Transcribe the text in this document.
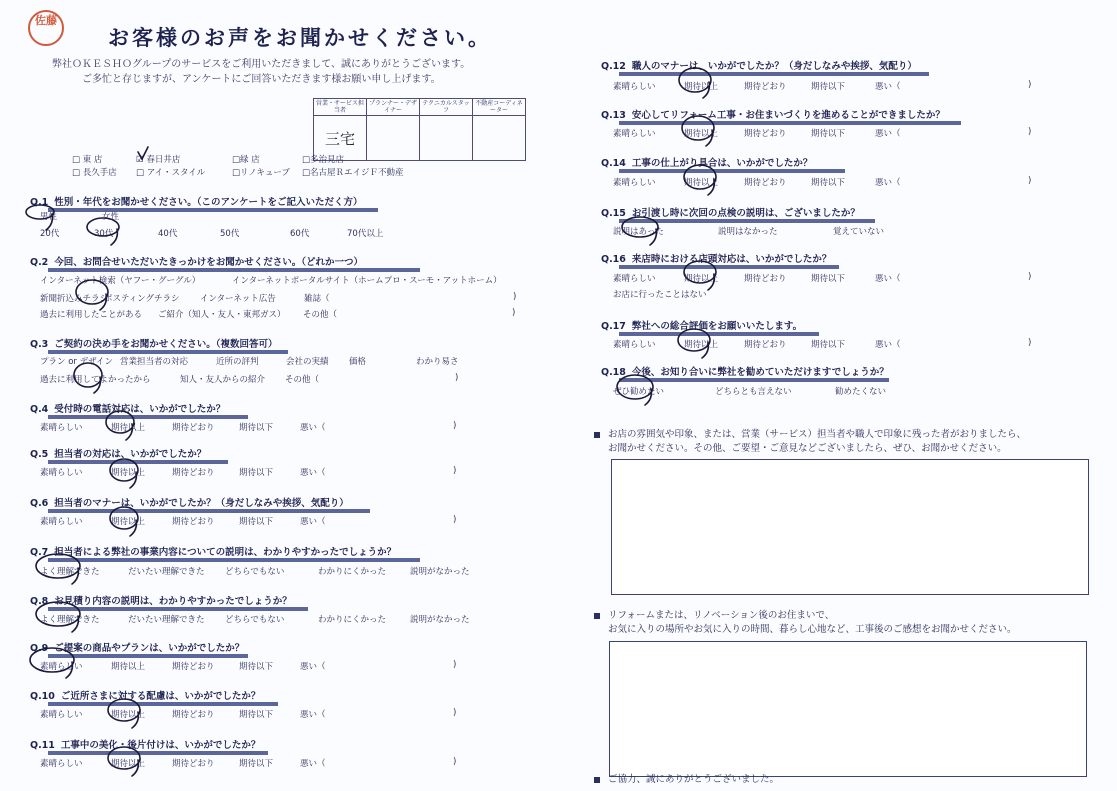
佐藤
お客様のお声をお聞かせください。
弊社ＯＫＥＳＨＯグループのサービスをご利用いただきまして、誠にありがとうございます。
ご多忙と存じますが、アンケートにご回答いただきます様お願い申し上げます。
営業・サービス担当者	プランナー・デザイナー	テクニカルスタッフ	不動産コーディネーター
三宅			
□ 東 店	☑ 春日井店	□緑 店	□多治見店
□ 長久手店 □ アイ・スタイル	□リノキューブ □名古屋ＲエイジＦ不動産
Q.1 性別・年代をお聞かせください。（このアンケートをご記入いただく方）
男性	女性
20代	30代	40代	50代	60代	70代以上
Q.2 今回、お問合せいただいたきっかけをお聞かせください。（どれか一つ）
インターネット検索（ヤフー・グーグル）	インターネットポータルサイト（ホームプロ・スーモ・アットホーム）
新聞折込みチラシ
ポスティングチラシ インターネット広告	雑誌（	)
過去に利用したことがある ご紹介（知人・友人・東邦ガス） その他（	)
Q.3 ご契約の決め手をお聞かせください。（複数回答可）
プラン or デザイン 営業担当者の対応	近所の評判	会社の実績 価格	わかり易さ
過去に利用してよかったから	知人・友人からの紹介 その他（	)
Q.4 受付時の電話対応は、いかがでしたか？
素晴らしい	期待以上	期待どおり	期待以下	悪い（	)
Q.5 担当者の対応は、いかがでしたか？
素晴らしい	期待以上	期待どおり	期待以下	悪い（	)
Q.6 担当者のマナーは、いかがでしたか？（身だしなみや挨拶、気配り）
素晴らしい	期待以上	期待どおり	期待以下	悪い（	)
Q.7 担当者による弊社の事業内容についての説明は、わかりやすかったでしょうか？
よく理解できた	だいたい理解できた どちらでもない	わかりにくかった	説明がなかった
Q.8 お見積り内容の説明は、わかりやすかったでしょうか？
よく理解できた	だいたい理解できた どちらでもない	わかりにくかった	説明がなかった
Q.9 ご提案の商品やプランは、いかがでしたか？
素晴らしい	期待以上	期待どおり	期待以下	悪い（	)
Q.10 ご近所さまに対する配慮は、いかがでしたか？
素晴らしい	期待以上	期待どおり	期待以下	悪い（	)
Q.11 工事中の美化・後片付けは、いかがでしたか？
素晴らしい	期待以上	期待どおり	期待以下	悪い（	)
Q.12 職人のマナーは、いかがでしたか？（身だしなみや挨拶、気配り）
素晴らしい	期待以上	期待どおり	期待以下	悪い（	)
Q.13 安心してリフォーム工事・お住まいづくりを進めることができましたか？
素晴らしい	期待以上	期待どおり	期待以下	悪い（	)
Q.14 工事の仕上がり具合は、いかがでしたか？
素晴らしい	期待以上	期待どおり	期待以下	悪い（	)
Q.15 お引渡し時に次回の点検の説明は、ございましたか？
説明はあった	説明はなかった	覚えていない
Q.16 来店時における店頭対応は、いかがでしたか？
素晴らしい	期待以上	期待どおり	期待以下	悪い（	)
お店に行ったことはない
Q.17 弊社への総合評価をお願いいたします。
素晴らしい	期待以上	期待どおり	期待以下	悪い（	)
Q.18 今後、お知り合いに弊社を勧めていただけますでしょうか？
ぜひ勧めたい	どちらとも言えない	勧めたくない
お店の雰囲気や印象、または、営業（サービス）担当者や職人で印象に残った者がおりましたら、
お聞かせください。その他、ご要望・ご意見などございましたら、ぜひ、お聞かせください。
リフォームまたは、リノベーション後のお住まいで、
お気に入りの場所やお気に入りの時間、暮らし心地など、工事後のご感想をお聞かせください。
ご協力、誠にありがとうございました。
